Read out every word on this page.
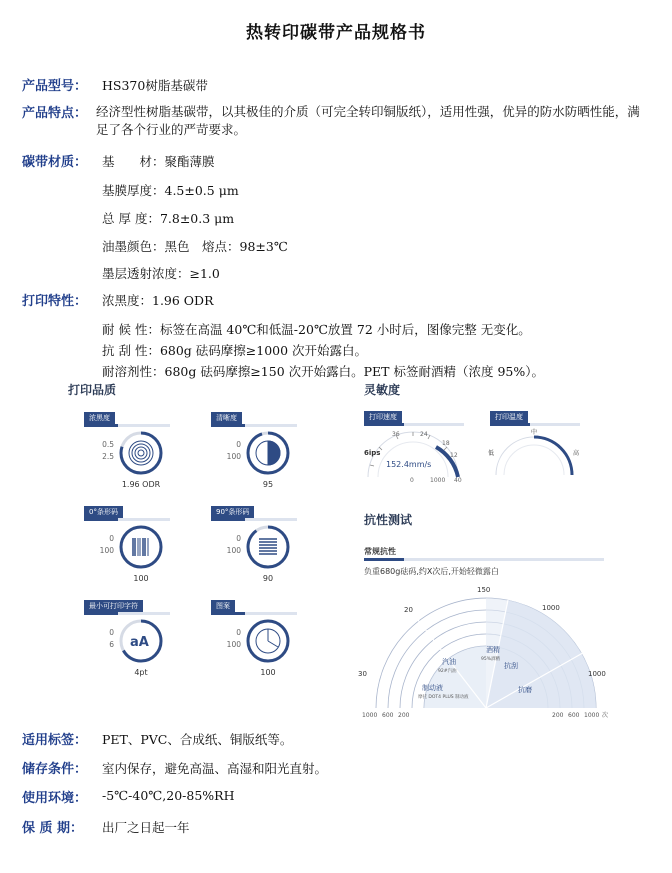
热转印碳带产品规格书
产品型号： HS370树脂基碳带
产品特点： 经济型性树脂基碳带，以其极佳的介质（可完全转印铜版纸），适用性强，优异的防水防晒性能，满足了各个行业的严苛要求。
碳带材质： 基　　材：聚酯薄膜
基膜厚度：4.5±0.5 μm
总 厚 度：7.8±0.3 μm
油墨颜色：黑色　熔点：98±3℃
墨层透射浓度：≥1.0
打印特性： 浓黑度：1.96 ODR
耐 候 性：标签在高温 40℃和低温-20℃放置 72 小时后，图像完整 无变化。
抗 刮 性：680g 砝码摩擦≥1000 次开始露白。
耐溶剂性：680g 砝码摩擦≥150 次开始露白。PET 标签耐酒精（浓度 95%）。
打印品质
浓黑度
0.5
2.5
1.96 ODR
清晰度
0
100
95
0°条形码
0
100
100
90°条形码
0
100
90
最小可打印字符
0
6 aA
4pt
图案
0
100
100
灵敏度
打印速度
36	24
18
6ips	12
152.4mm/s
0	1000 40
打印温度
低
中
高
抗性测试
常规抗性
负重680g砝码,约X次后,开始轻微露白
150
20
30
1000
1000
酒精
95%酒精
汽油
92#汽油
抗刮
制动液
摩托 DOT4 PLUS 制动液
抗磨
1000 600 200	200 600 1000 次
适用标签： PET、PVC、合成纸、铜版纸等。
储存条件： 室内保存，避免高温、高湿和阳光直射。
使用环境： -5℃-40℃,20-85%RH
保 质 期： 出厂之日起一年
